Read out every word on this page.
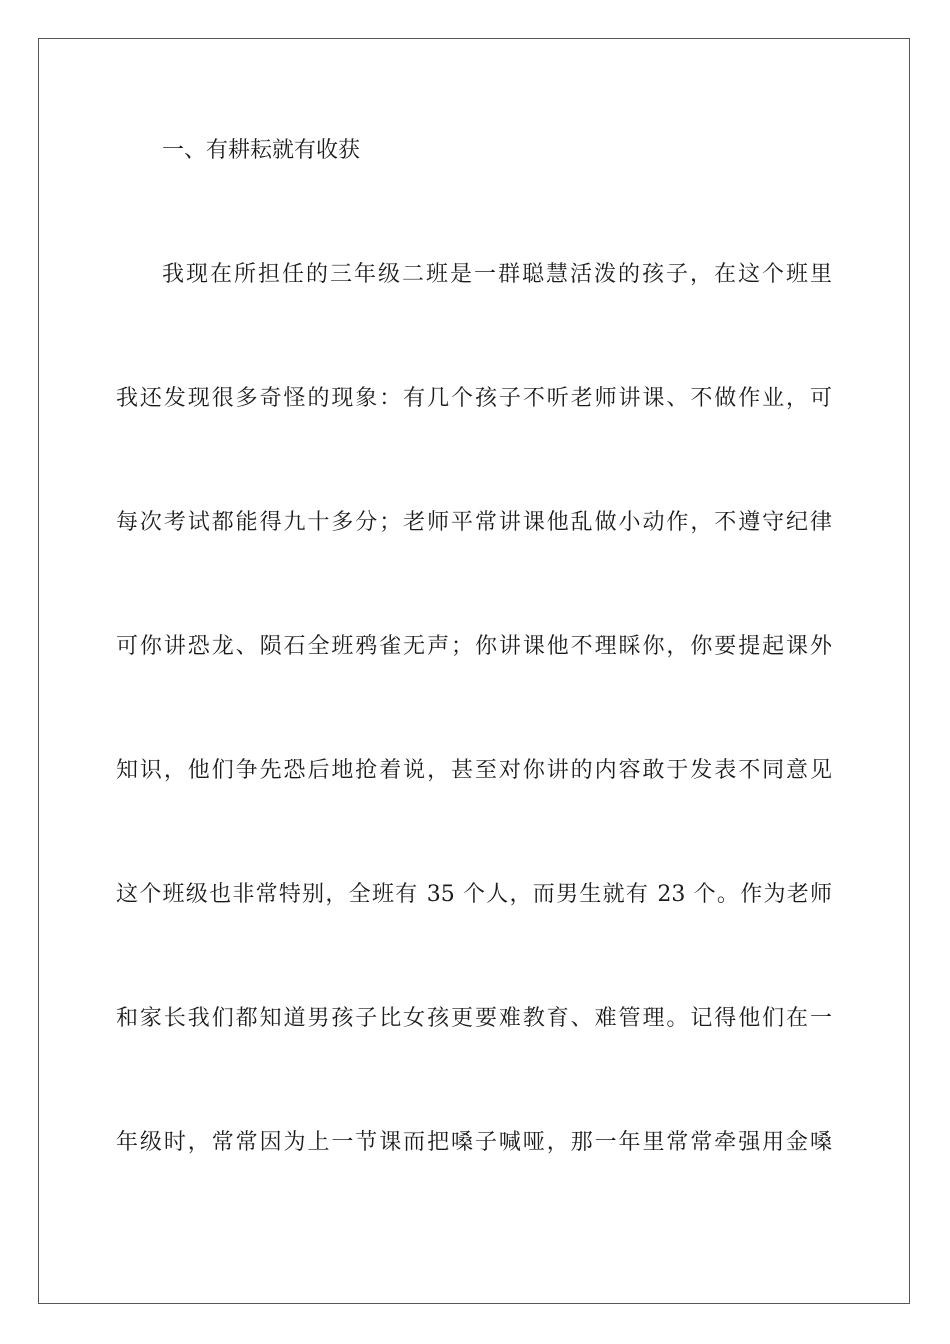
一、有耕耘就有收获
我现在所担任的三年级二班是一群聪慧活泼的孩子，在这个班里
我还发现很多奇怪的现象：有几个孩子不听老师讲课、不做作业，可
每次考试都能得九十多分；老师平常讲课他乱做小动作，不遵守纪律
可你讲恐龙、陨石全班鸦雀无声；你讲课他不理睬你，你要提起课外
知识，他们争先恐后地抢着说，甚至对你讲的内容敢于发表不同意见
这个班级也非常特别，全班有 35 个人，而男生就有 23 个。作为老师
和家长我们都知道男孩子比女孩更要难教育、难管理。记得他们在一
年级时，常常因为上一节课而把嗓子喊哑，那一年里常常牵强用金嗓
